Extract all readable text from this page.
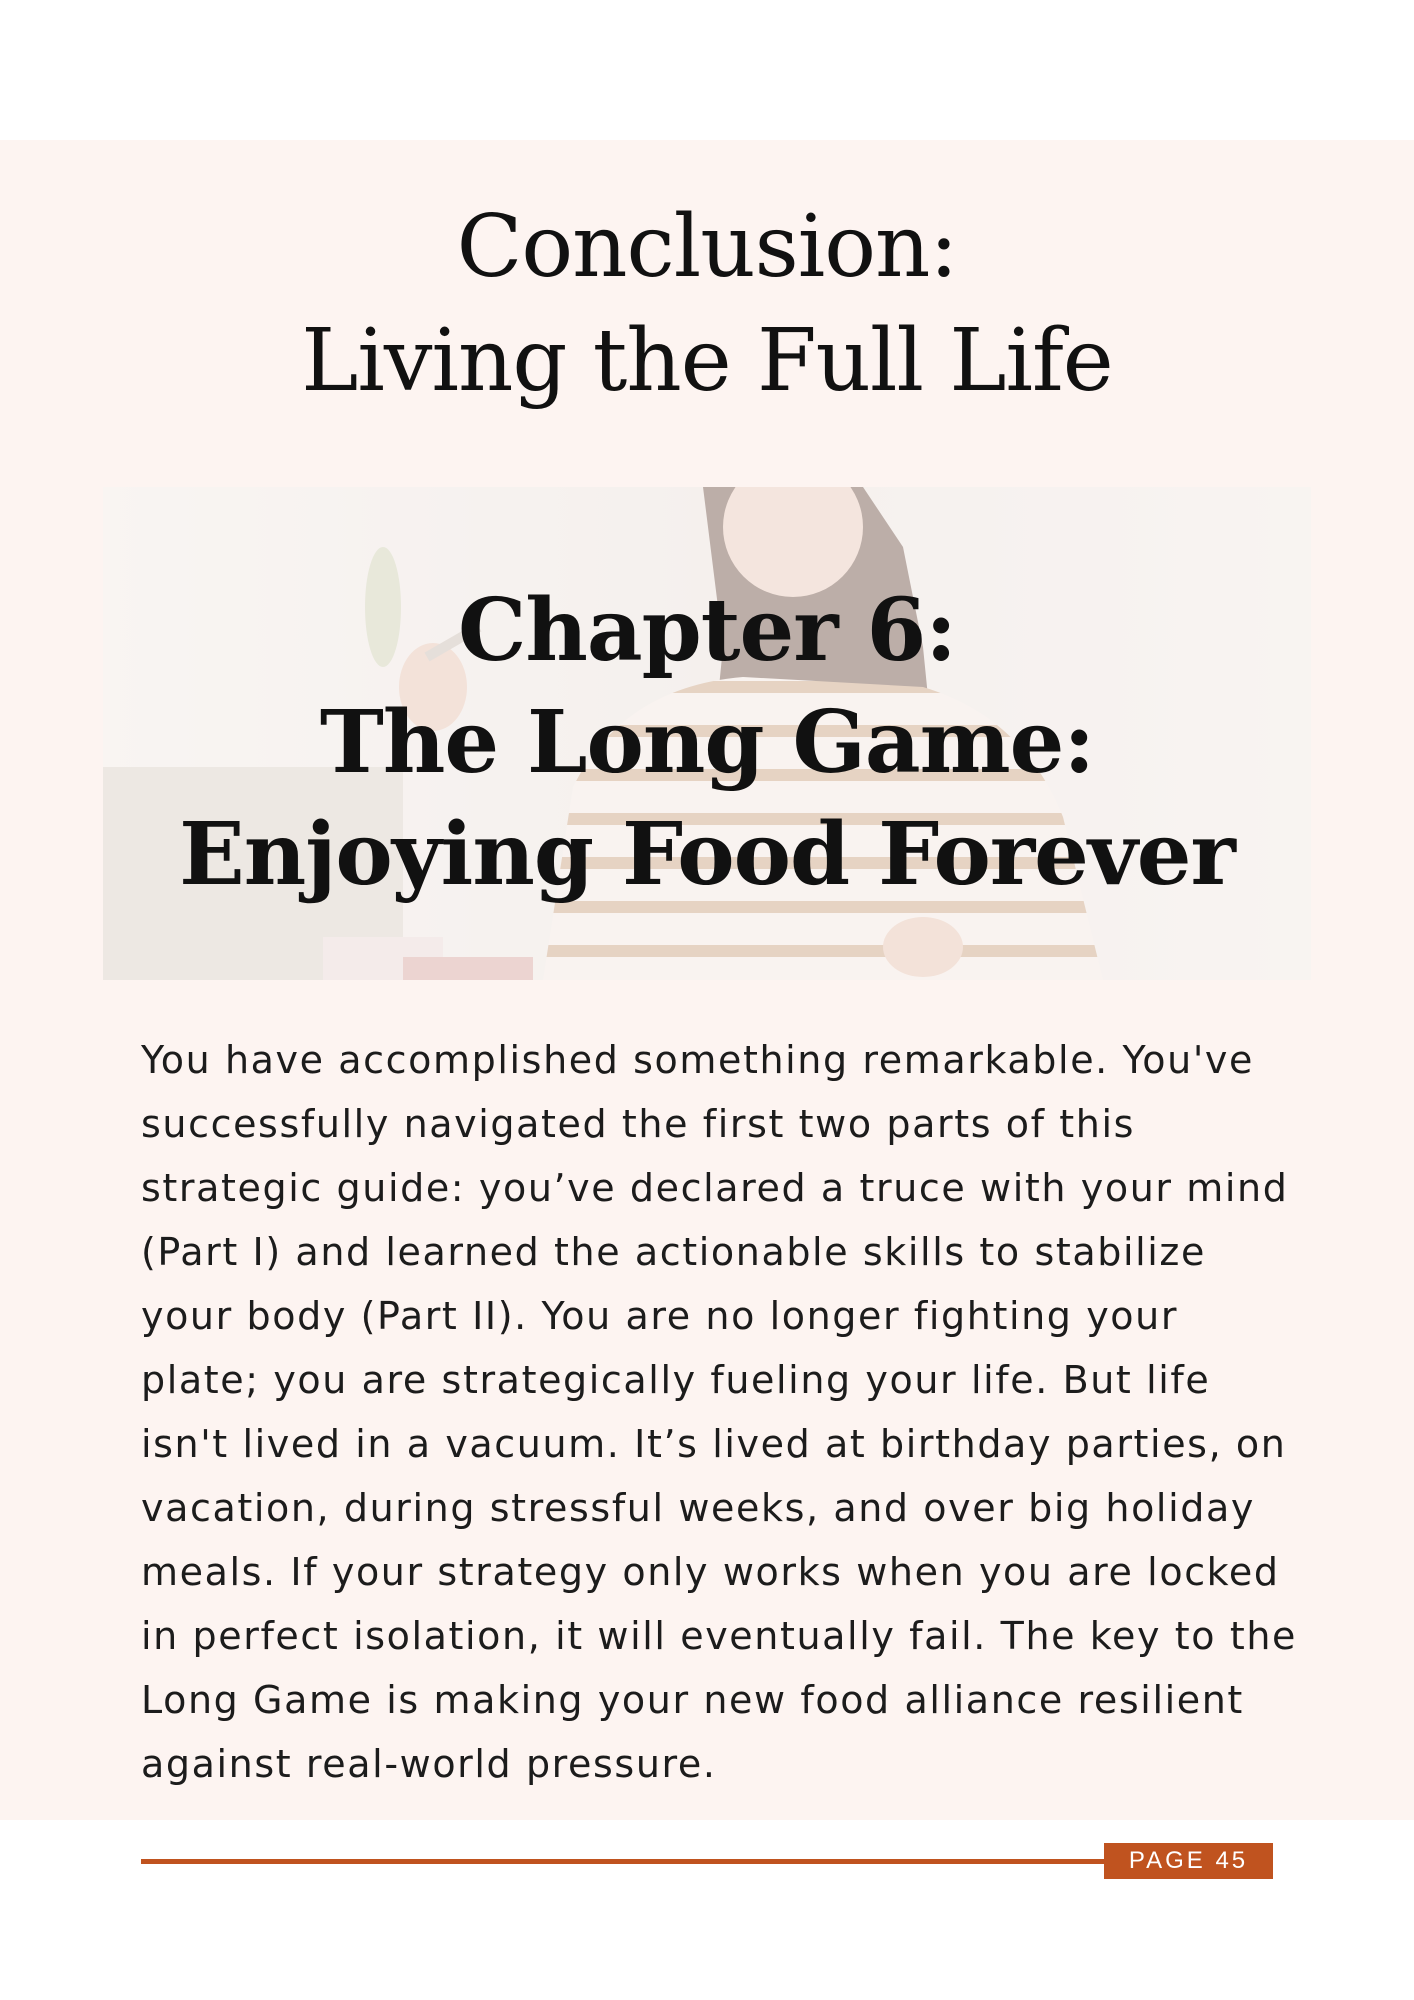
Conclusion:
Living the Full Life
Chapter 6:
The Long Game:
Enjoying Food Forever

You have accomplished something remarkable. You've successfully navigated the first two parts of this strategic guide: you’ve declared a truce with your mind (Part I) and learned the actionable skills to stabilize your body (Part II). You are no longer fighting your plate; you are strategically fueling your life. But life isn't lived in a vacuum. It’s lived at birthday parties, on vacation, during stressful weeks, and over big holiday meals. If your strategy only works when you are locked in perfect isolation, it will eventually fail. The key to the Long Game is making your new food alliance resilient against real-world pressure.

PAGE 45
